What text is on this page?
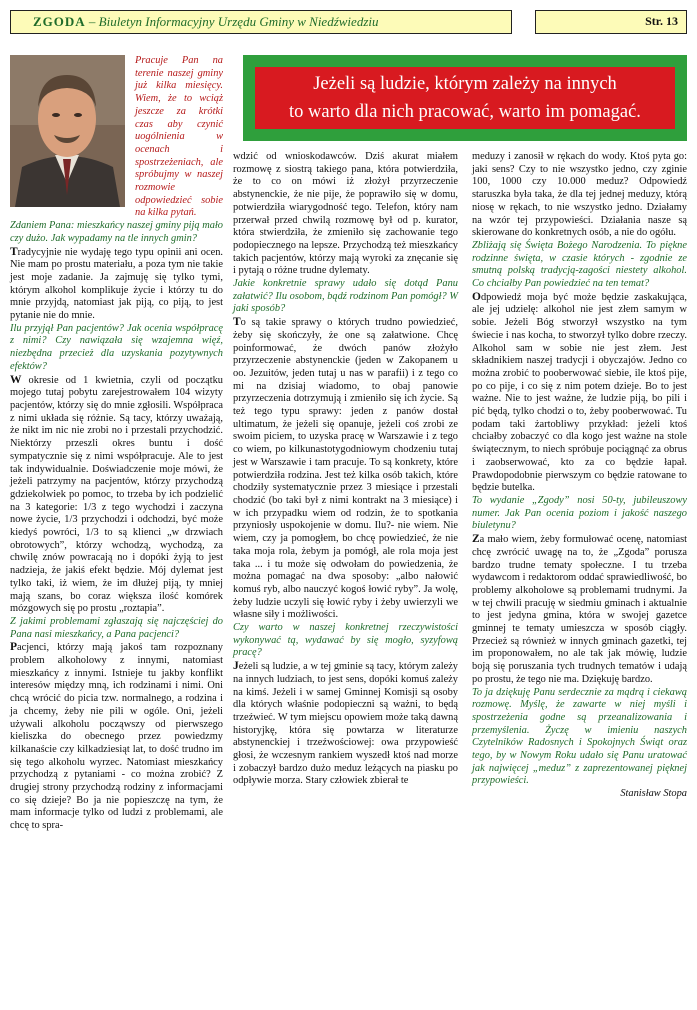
ZGODA – Biuletyn Informacyjny Urzędu Gminy w Niedźwiedziu	Str. 13
Jeżeli są ludzie, którym zależy na innych
to warto dla nich pracować, warto im pomagać.

Pracuje Pan na terenie naszej gminy już kilka miesięcy. Wiem, że to wciąż jeszcze za krótki czas aby czynić uogólnienia w ocenach i spostrzeżeniach, ale spróbujmy w naszej rozmowie odpowiedzieć sobie na kilka pytań.

Zdaniem Pana: mieszkańcy naszej gminy piją mało czy dużo. Jak wypadamy na tle innych gmin?

Tradycyjnie nie wydaję tego typu opinii ani ocen. Nie mam po prostu materiału, a poza tym nie takie jest moje zadanie. Ja zajmuję się tylko tymi, którym alkohol komplikuje życie i którzy tu do mnie przyjdą, natomiast jak piją, co piją, to jest pytanie nie do mnie.

Ilu przyjął Pan pacjentów? Jak ocenia współpracę z nimi? Czy nawiązała się wzajemna więź, niezbędna przecież dla uzyskania pozytywnych efektów?

W okresie od 1 kwietnia, czyli od początku mojego tutaj pobytu zarejestrowałem 104 wizyty pacjentów, którzy się do mnie zgłosili. Współpraca z nimi układa się różnie. Są tacy, którzy uważają, że nikt im nic nie zrobi no i przestali przychodzić. Niektórzy przeszli okres buntu i dość sympatycznie się z nimi współpracuje. Ale to jest tak indywidualnie. Doświadczenie moje mówi, że jeżeli patrzymy na pacjentów, którzy przychodzą gdziekolwiek po pomoc, to trzeba by ich podzielić na 3 kategorie: 1/3 z tego wychodzi i zaczyna nowe życie, 1/3 przychodzi i odchodzi, być może kiedyś powróci, 1/3 to są klienci „w drzwiach obrotowych”, którzy wchodzą, wychodzą, za chwilę znów powracają no i dopóki żyją to jest nadzieja, że jakiś efekt będzie. Mój dylemat jest tylko taki, iż wiem, że im dłużej piją, ty mniej mają szans, bo coraz większa ilość komórek mózgowych się po prostu „roztapia”.

Z jakimi problemami zgłaszają się najczęściej do Pana nasi mieszkańcy, a Pana pacjenci?

Pacjenci, którzy mają jakoś tam rozpoznany problem alkoholowy z innymi, natomiast mieszkańcy z innymi. Istnieje tu jakby konflikt interesów między mną, ich rodzinami i nimi. Oni chcą wrócić do picia tzw. normalnego, a rodzina i ja chcemy, żeby nie pili w ogóle. Oni, jeżeli używali alkoholu począwszy od pierwszego kieliszka do obecnego przez powiedzmy kilkanaście czy kilkadziesiąt lat, to dość trudno im się tego alkoholu wyrzec. Natomiast mieszkańcy przychodzą z pytaniami - co można zrobić? Z drugiej strony przychodzą rodziny z informacjami co się dzieje? Bo ja nie popieszczę na tym, że mam informacje tylko od ludzi z problemami, ale chcę to spra-

wdzić od wnioskodawców. Dziś akurat miałem rozmowę z siostrą takiego pana, która potwierdziła, że to co on mówi iż złożył przyrzeczenie abstynenckie, że nie pije, że poprawiło się w domu, potwierdziła wiarygodność tego. Telefon, który nam przerwał przed chwilą rozmowę był od p. kurator, która stwierdziła, że zmieniło się zachowanie tego podopiecznego na lepsze. Przychodzą też mieszkańcy takich pacjentów, którzy mają wyroki za znęcanie się i pytają o różne trudne dylematy.

Jakie konkretnie sprawy udało się dotąd Panu załatwić? Ilu osobom, bądź rodzinom Pan pomógł? W jaki sposób?

To są takie sprawy o których trudno powiedzieć, żeby się skończyły, że one są załatwione. Chcę poinformować, że dwóch panów złożyło przyrzeczenie abstynenckie (jeden w Zakopanem u oo. Jezuitów, jeden tutaj u nas w parafii) i z tego co mi na dzisiaj wiadomo, to obaj panowie przyrzeczenia dotrzymują i zmieniło się ich życie. Są też tego typu sprawy: jeden z panów dostał ultimatum, że jeżeli się opanuje, jeżeli coś zrobi ze swoim piciem, to uzyska pracę w Warszawie i z tego co wiem, po kilkunastotygodniowym chodzeniu tutaj jest w Warszawie i tam pracuje. To są konkrety, które potwierdziła rodzina. Jest też kilka osób takich, które chodziły systematycznie przez 3 miesiące i przestali chodzić (bo taki był z nimi kontrakt na 3 miesiące) i w ich przypadku wiem od rodzin, że to spotkania przyniosły uspokojenie w domu. Ilu?- nie wiem. Nie wiem, czy ja pomogłem, bo chcę powiedzieć, że nie taka moja rola, żebym ja pomógł, ale rola moja jest taka ... i tu może się odwołam do powiedzenia, że można pomagać na dwa sposoby: „albo nałowić komuś ryb, albo nauczyć kogoś łowić ryby”. Ja wolę, żeby ludzie uczyli się łowić ryby i żeby uwierzyli we własne siły i możliwości.

Czy warto w naszej konkretnej rzeczywistości wykonywać tą, wydawać by się mogło, syzyfową pracę?

Jeżeli są ludzie, a w tej gminie są tacy, którym zależy na innych ludziach, to jest sens, dopóki komuś zależy na kimś. Jeżeli i w samej Gminnej Komisji są osoby dla których właśnie podopieczni są ważni, to będą trzeźwieć. W tym miejscu opowiem może taką dawną historyjkę, która się powtarza w literaturze abstynenckiej i trzeźwościowej: owa przypowieść głosi, że wczesnym rankiem wyszedł ktoś nad morze i zobaczył bardzo dużo meduz leżących na piasku po odpływie morza. Stary człowiek zbierał te

meduzy i zanosił w rękach do wody. Ktoś pyta go: jaki sens? Czy to nie wszystko jedno, czy zginie 100, 1000 czy 10.000 meduz? Odpowiedź staruszka była taka, że dla tej jednej meduzy, którą niosę w rękach, to nie wszystko jedno. Działamy na wzór tej przypowieści. Działania nasze są skierowane do konkretnych osób, a nie do ogółu.

Zbliżają się Święta Bożego Narodzenia. To piękne rodzinne święta, w czasie których - zgodnie ze smutną polską tradycją-zagości niestety alkohol. Co chciałby Pan powiedzieć na ten temat?

Odpowiedź moja być może będzie zaskakująca, ale jej udzielę: alkohol nie jest złem samym w sobie. Jeżeli Bóg stworzył wszystko na tym świecie i nas kocha, to stworzył tylko dobre rzeczy. Alkohol sam w sobie nie jest złem. Jest składnikiem naszej tradycji i obyczajów. Jedno co można zrobić to pooberwować siebie, ile ktoś pije, po co pije, i co się z nim potem dzieje. Bo to jest ważne. Nie to jest ważne, że ludzie piją, bo pili i pić będą, tylko chodzi o to, żeby pooberwować. Tu podam taki żartobliwy przykład: jeżeli ktoś chciałby zobaczyć co dla kogo jest ważne na stole świątecznym, to niech spróbuje pociągnąć za obrus i zaobserwować, kto za co będzie łapał. Prawdopodobnie pierwszym co będzie ratowane to będzie butelka.

To wydanie „Zgody” nosi 50-ty, jubileuszowy numer. Jak Pan ocenia poziom i jakość naszego biuletynu?

Za mało wiem, żeby formułować ocenę, natomiast chcę zwrócić uwagę na to, że „Zgoda” porusza bardzo trudne tematy społeczne. I tu trzeba wydawcom i redaktorom oddać sprawiedliwość, bo problemy alkoholowe są problemami trudnymi. Ja w tej chwili pracuję w siedmiu gminach i aktualnie to jest jedyna gmina, która w swojej gazetce gminnej te tematy umieszcza w sposób ciągły. Przecież są również w innych gminach gazetki, tej im proponowałem, no ale tak jak mówię, ludzie boją się poruszania tych trudnych tematów i udają po prostu, że tego nie ma. Dziękuję bardzo.

To ja dziękuję Panu serdecznie za mądrą i ciekawą rozmowę. Myślę, że zawarte w niej myśli i spostrzeżenia godne są przeanalizowania i przemyślenia. Życzę w imieniu naszych Czytelników Radosnych i Spokojnych Świąt oraz tego, by w Nowym Roku udało się Panu uratować jak najwięcej „meduz” z zaprezentowanej pięknej przypowieści.

Stanisław Stopa
